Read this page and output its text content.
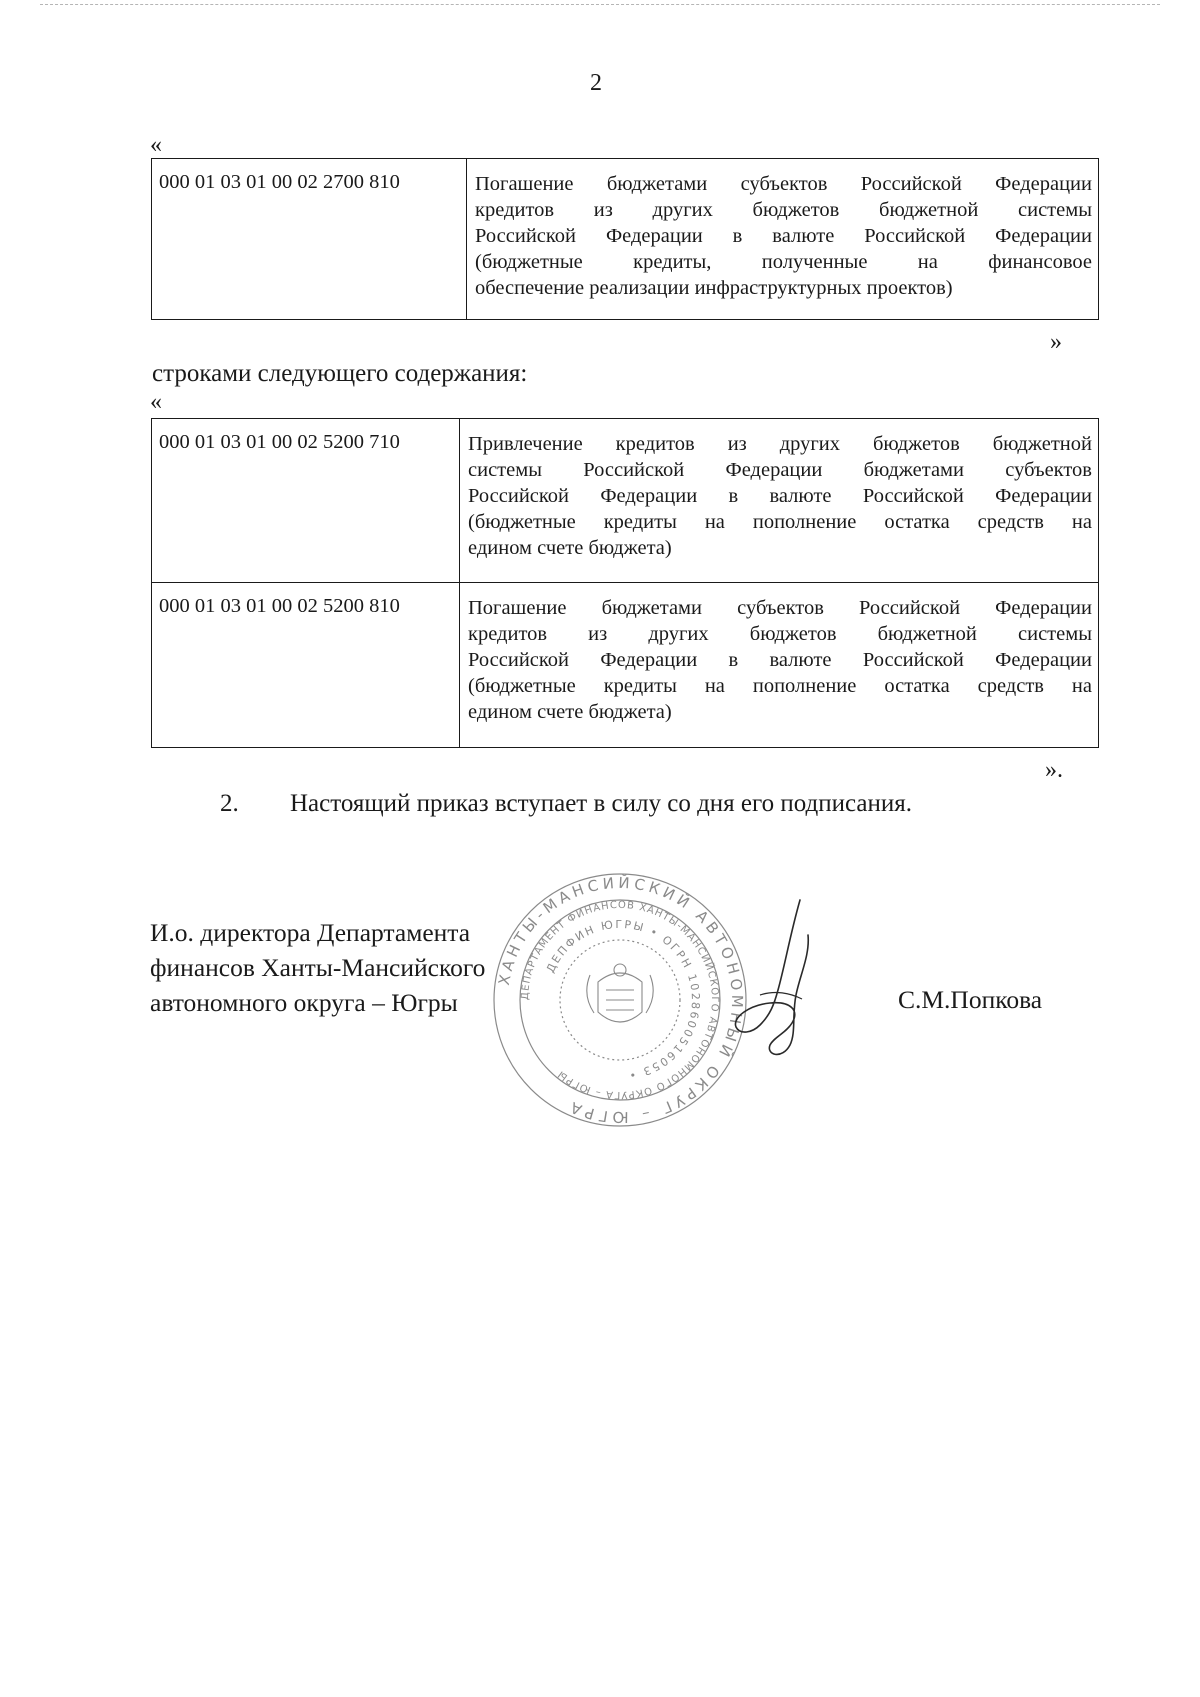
2
«
000 01 03 01 00 02 2700 810	Погашение бюджетами субъектов Российской Федерации
кредитов из других бюджетов бюджетной системы
Российской Федерации в валюте Российской Федерации
(бюджетные кредиты, полученные на финансовое
обеспечение реализации инфраструктурных проектов)
»
строками следующего содержания:
«
000 01 03 01 00 02 5200 710	Привлечение кредитов из других бюджетов бюджетной
системы Российской Федерации бюджетами субъектов
Российской Федерации в валюте Российской Федерации
(бюджетные кредиты на пополнение остатка средств на
едином счете бюджета)

000 01 03 01 00 02 5200 810	Погашение бюджетами субъектов Российской Федерации
кредитов из других бюджетов бюджетной системы
Российской Федерации в валюте Российской Федерации
(бюджетные кредиты на пополнение остатка средств на
едином счете бюджета)
».
2. Настоящий приказ вступает в силу со дня его подписания.
И.о. директора Департамента
финансов Ханты-Мансийского
автономного округа – Югры
ХАНТЫ-МАНСИЙСКИЙ АВТОНОМНЫЙ ОКРУГ – ЮГРА
ДЕПАРТАМЕНТ ФИНАНСОВ ХАНТЫ-МАНСИЙСКОГО АВТОНОМНОГО ОКРУГА – ЮГРЫ
ДЕПФИН ЮГРЫ • ОГРН 1028600516053 •
С.М.Попкова
